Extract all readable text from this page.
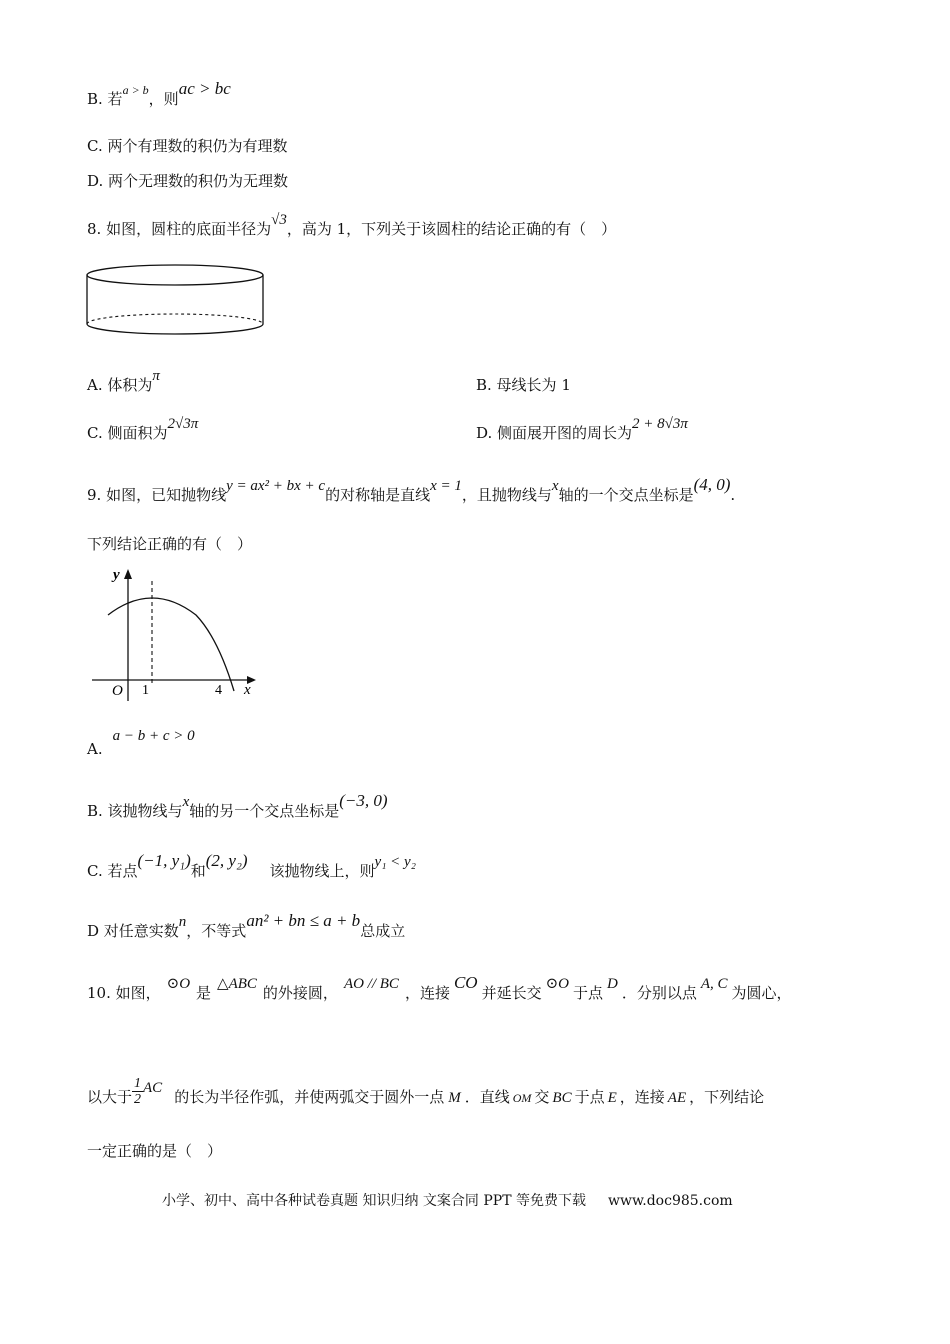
B. 若$^{a > b}$，则ac > bc
C. 两个有理数的积仍为有理数
D. 两个无理数的积仍为无理数
8. 如图，圆柱的底面半径为√3，高为 1，下列关于该圆柱的结论正确的有（　）
A. 体积为π	B. 母线长为 1
C. 侧面积为2√3π	D. 侧面展开图的周长为2 + 8√3π
9. 如图，已知抛物线y = ax² + bx + c的对称轴是直线x = 1，且抛物线与x轴的一个交点坐标是(4, 0).
下列结论正确的有（　）
y
x
O 1	4
A.a − b + c > 0
B. 该抛物线与x轴的另一个交点坐标是(−3, 0)
C. 若点(−1, y₁)和(2, y₂)该抛物线上，则y₁ < y₂
D 对任意实数n，不等式an² + bn ≤ a + b总成立
10. 如图， ⊙O 是 △ABC 的外接圆， AO // BC ，连接CO并延长交 ⊙O 于点 D ．分别以点 A, C 为圆心，
以大于 $\frac{1}{2}$ AC 的长为半径作弧，并使两弧交于圆外一点 M ．直线 OM 交 BC 于点 E ，连接 AE ，下列结论
一定正确的是（　）
小学、初中、高中各种试卷真题 知识归纳 文案合同 PPT 等免费下载 www.doc985.com
